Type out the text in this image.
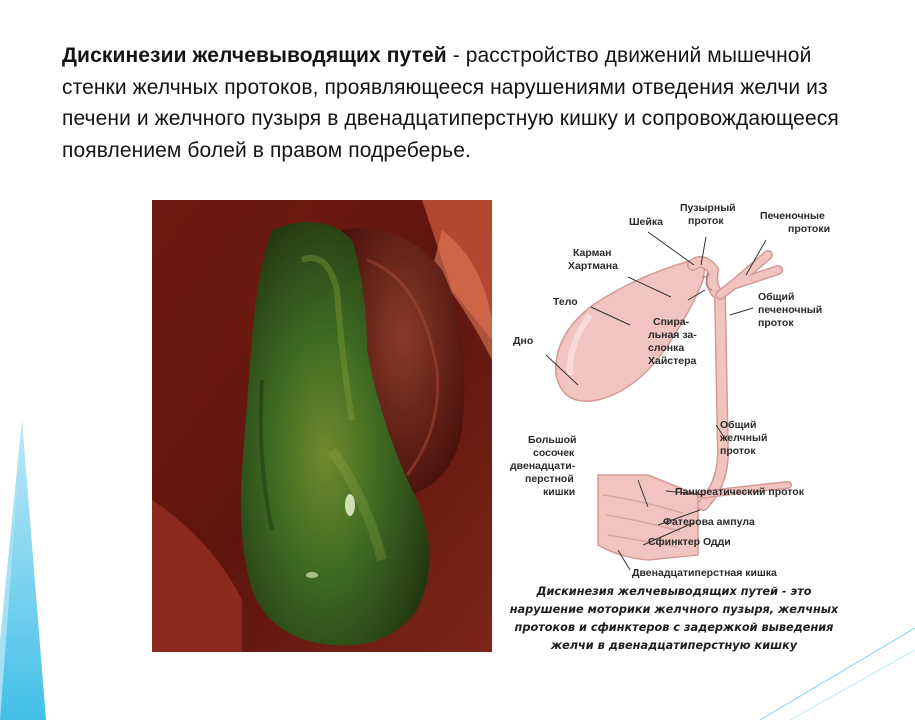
Дискинезии желчевыводящих путей - расстройство движений мышечной стенки желчных протоков, проявляющееся нарушениями отведения желчи из печени и желчного пузыря в двенадцатиперстную кишку и сопровождающееся появлением болей в правом подреберье.
Шейка
Пузырный
проток	Печеночные
протоки
Карман
Хартмана
Общий
печеночный
проток
Тело
Дно
Спира-
льная за-
слонка
Хайстера
Общий
желчный
проток
Большой
сосочек
двенадцати-
перстной
кишки	Панкреатический проток
Фатерова ампула
Сфинктер Одди
Двенадцатиперстная кишка
Дискинезия желчевыводящих путей - это
нарушение моторики желчного пузыря, желчных
протоков и сфинктеров с задержкой выведения
желчи в двенадцатиперстную кишку
